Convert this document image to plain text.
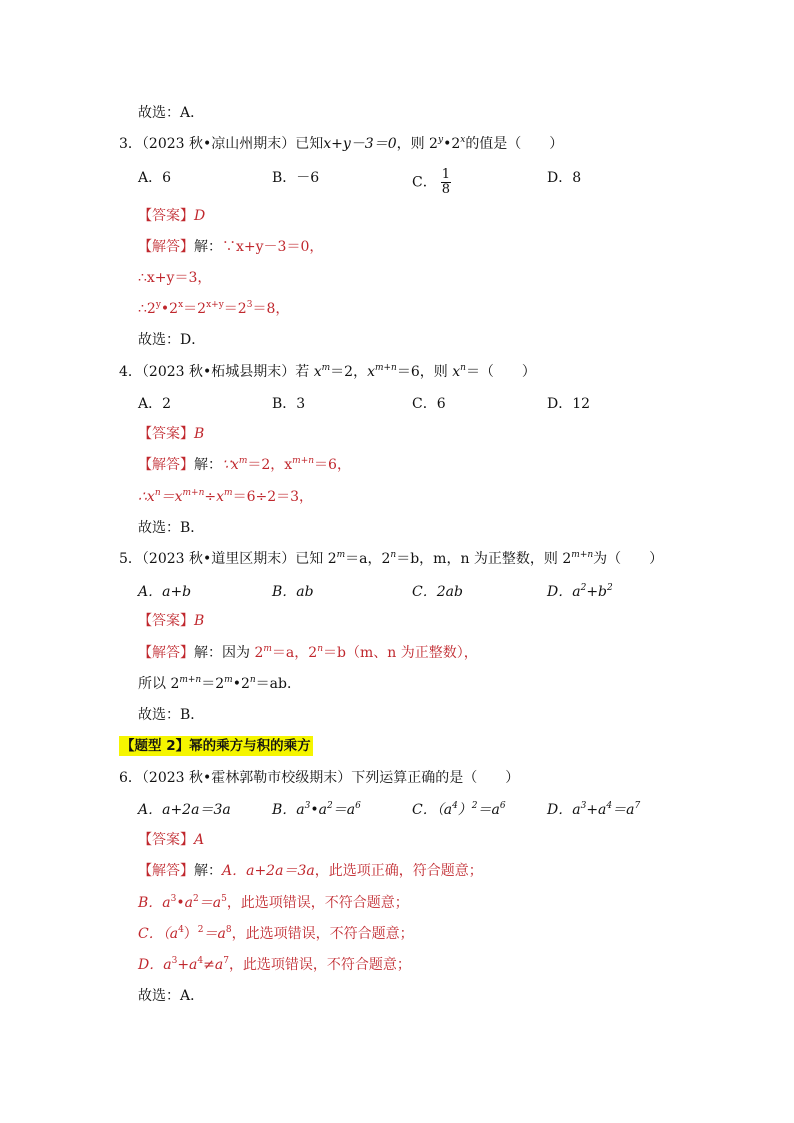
故选：A．
3．（2023 秋•凉山州期末）已知x+y－3＝0，则 2$^y$•2$^x$的值是（　　）
A．6	B．－6	C． $\frac{1}{8}$	D．8
【答案】D
【解答】解：∵x+y－3＝0，
∴x+y＝3，
$\therefore 2^y•2^x=2^{x+y}=2^3=8$，
故选：D．
4．（2023 秋•柘城县期末）若 $x^m=2$，$x^{m+n}=6$，则 $x^n=$（　　）
A．2	B．3	C．6	D．12
【答案】B
【解答】解：$\because x^m=2$，$x^{m+n}=6$，
$\therefore x^n=x^{m+n}\div x^m=6\div 2=3$，
故选：B．
5．（2023 秋•道里区期末）已知 $2^m=a$，$2^n=b$，m，n 为正整数，则 $2^{m+n}$为（　　）
A．a+b	B．ab	C．2ab	D．$a^2+b^2$
【答案】B
【解答】解：因为 $2^m=a$，$2^n=b(m$、n 为正整数），
所以 $2^{m+n}=2^m•2^n=ab$．
故选：B．
【题型 2】幂的乘方与积的乘方
6．（2023 秋•霍林郭勒市校级期末）下列运算正确的是（　　）
A．a+2a＝3a	B．$a^3•a^2=a^6$	C．$(a^4)^2=a^6$	D．$a^3+a^4=a^7$
【答案】A
【解答】解：A．a+2a＝3a，此选项正确，符合题意；
B．$a^3•a^2=a^5$，此选项错误，不符合题意；
C．$(a^4)^2=a^8$，此选项错误，不符合题意；
D．$a^3+a^4\ne a^7$，此选项错误，不符合题意；
故选：A．
